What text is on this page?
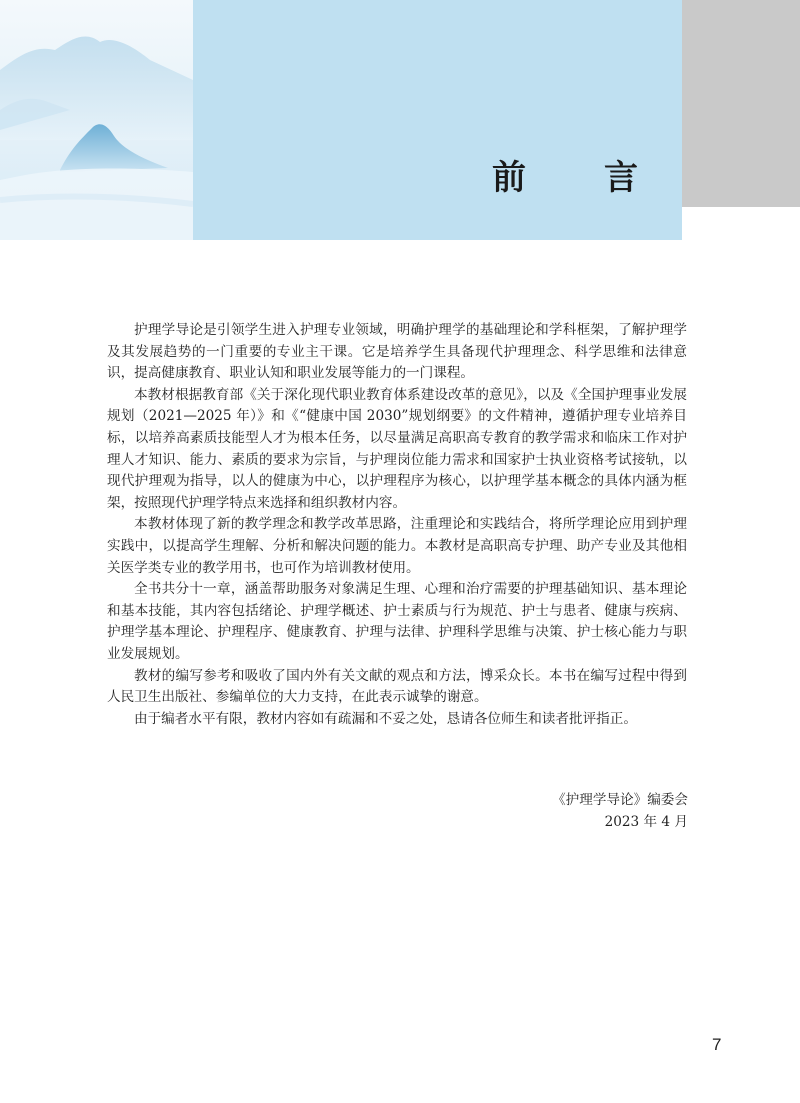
前　言

护理学导论是引领学生进入护理专业领域，明确护理学的基础理论和学科框架，了解护理学及其发展趋势的一门重要的专业主干课。它是培养学生具备现代护理理念、科学思维和法律意识，提高健康教育、职业认知和职业发展等能力的一门课程。

本教材根据教育部《关于深化现代职业教育体系建设改革的意见》，以及《全国护理事业发展规划（2021—2025 年）》和《“健康中国 2030”规划纲要》的文件精神，遵循护理专业培养目标，以培养高素质技能型人才为根本任务，以尽量满足高职高专教育的教学需求和临床工作对护理人才知识、能力、素质的要求为宗旨，与护理岗位能力需求和国家护士执业资格考试接轨，以现代护理观为指导，以人的健康为中心，以护理程序为核心，以护理学基本概念的具体内涵为框架，按照现代护理学特点来选择和组织教材内容。

本教材体现了新的教学理念和教学改革思路，注重理论和实践结合，将所学理论应用到护理实践中，以提高学生理解、分析和解决问题的能力。本教材是高职高专护理、助产专业及其他相关医学类专业的教学用书，也可作为培训教材使用。

全书共分十一章，涵盖帮助服务对象满足生理、心理和治疗需要的护理基础知识、基本理论和基本技能，其内容包括绪论、护理学概述、护士素质与行为规范、护士与患者、健康与疾病、护理学基本理论、护理程序、健康教育、护理与法律、护理科学思维与决策、护士核心能力与职业发展规划。

教材的编写参考和吸收了国内外有关文献的观点和方法，博采众长。本书在编写过程中得到人民卫生出版社、参编单位的大力支持，在此表示诚挚的谢意。

由于编者水平有限，教材内容如有疏漏和不妥之处，恳请各位师生和读者批评指正。

《护理学导论》编委会
2023 年 4 月
7
